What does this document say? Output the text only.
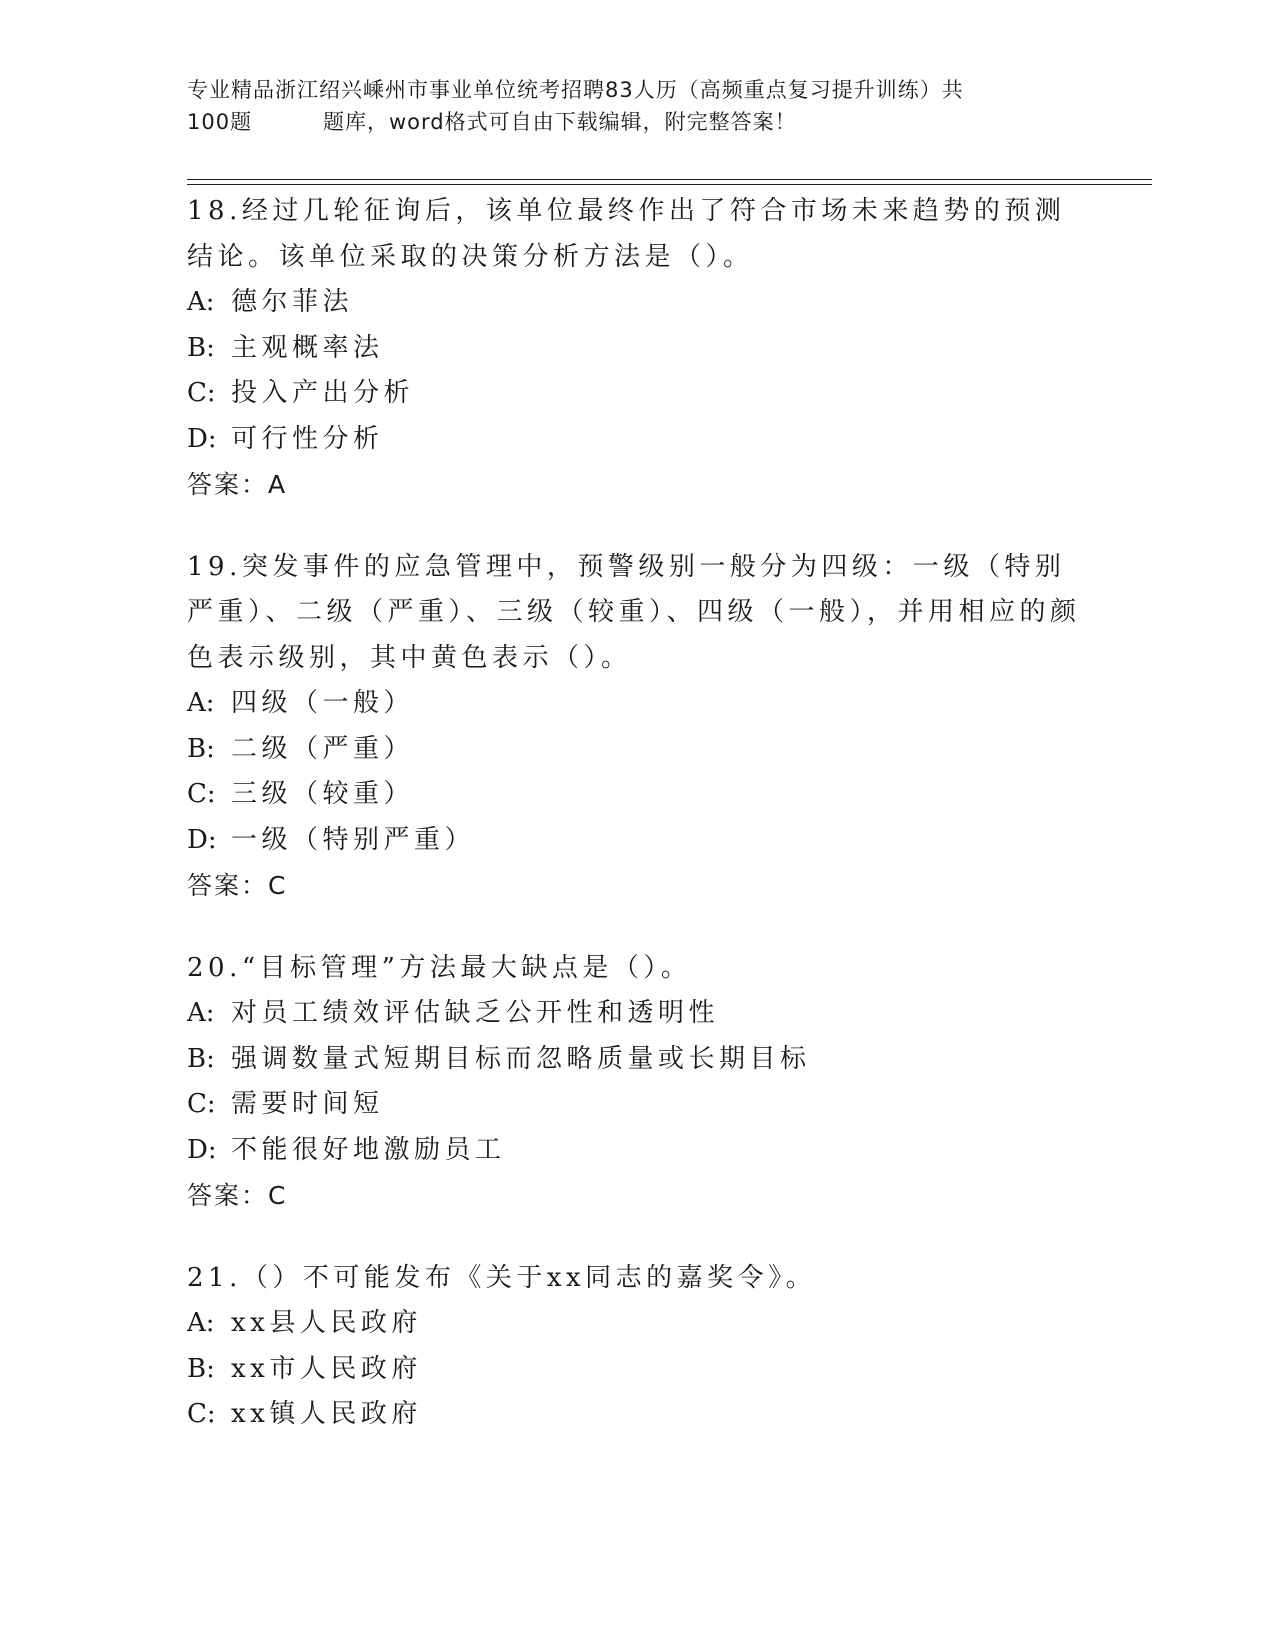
专业精品浙江绍兴嵊州市事业单位统考招聘83人历（高频重点复习提升训练）共
100题	题库，word格式可自由下载编辑，附完整答案！
18.经过几轮征询后，该单位最终作出了符合市场未来趋势的预测结论。该单位采取的决策分析方法是（）。
A: 德尔菲法
B: 主观概率法
C: 投入产出分析
D: 可行性分析
答案：A
19.突发事件的应急管理中，预警级别一般分为四级：一级（特别严重）、二级（严重）、三级（较重）、四级（一般），并用相应的颜色表示级别，其中黄色表示（）。
A: 四级（一般）
B: 二级（严重）
C: 三级（较重）
D: 一级（特别严重）
答案：C
20.“目标管理”方法最大缺点是（）。
A: 对员工绩效评估缺乏公开性和透明性
B: 强调数量式短期目标而忽略质量或长期目标
C: 需要时间短
D: 不能很好地激励员工
答案：C
21.（）不可能发布《关于xx同志的嘉奖令》。
A: xx县人民政府
B: xx市人民政府
C: xx镇人民政府
